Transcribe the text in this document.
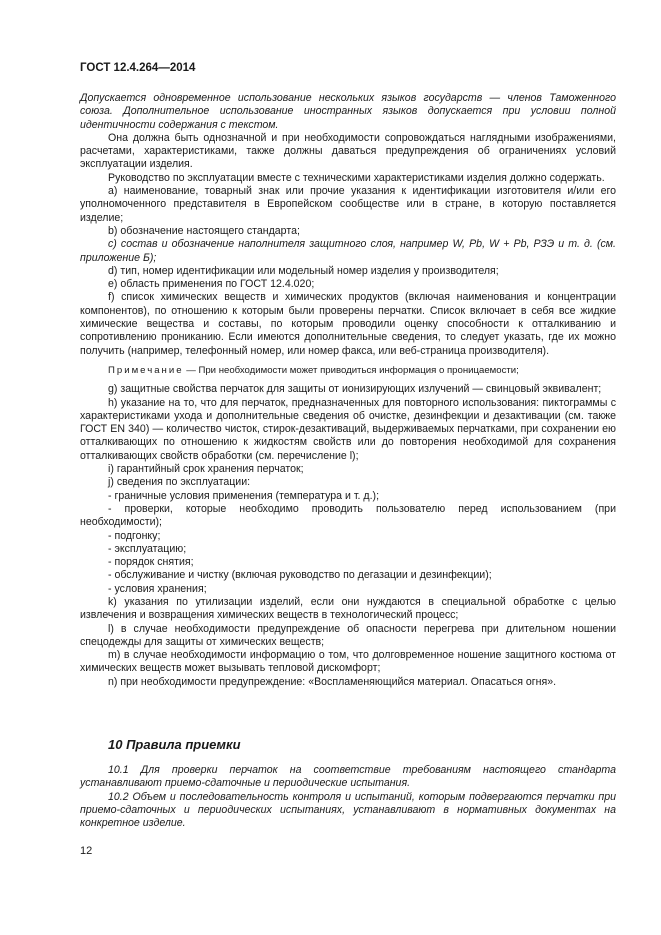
ГОСТ 12.4.264—2014

Допускается одновременное использование нескольких языков государств — членов Таможенного союза. Дополнительное использование иностранных языков допускается при условии полной идентичности содержания с текстом.

Она должна быть однозначной и при необходимости сопровождаться наглядными изображениями, расчетами, характеристиками, также должны даваться предупреждения об ограничениях условий эксплуатации изделия.

Руководство по эксплуатации вместе с техническими характеристиками изделия должно содержать.

a) наименование, товарный знак или прочие указания к идентификации изготовителя и/или его уполномоченного представителя в Европейском сообществе или в стране, в которую поставляется изделие;

b) обозначение настоящего стандарта;

c) состав и обозначение наполнителя защитного слоя, например W, Pb, W + Pb, РЗЭ и т. д. (см. приложение Б);

d) тип, номер идентификации или модельный номер изделия у производителя;

e) область применения по ГОСТ 12.4.020;

f) список химических веществ и химических продуктов (включая наименования и концентрации компонентов), по отношению к которым были проверены перчатки. Список включает в себя все жидкие химические вещества и составы, по которым проводили оценку способности к отталкиванию и сопротивлению прониканию. Если имеются дополнительные сведения, то следует указать, где их можно получить (например, телефонный номер, или номер факса, или веб-страница производителя).

Примечание — При необходимости может приводиться информация о проницаемости;

g) защитные свойства перчаток для защиты от ионизирующих излучений — свинцовый эквивалент;

h) указание на то, что для перчаток, предназначенных для повторного использования: пиктограммы с характеристиками ухода и дополнительные сведения об очистке, дезинфекции и дезактивации (см. также ГОСТ EN 340) — количество чисток, стирок-дезактиваций, выдерживаемых перчатками, при сохранении ею отталкивающих по отношению к жидкостям свойств или до повторения необходимой для сохранения отталкивающих свойств обработки (см. перечисление l);

i) гарантийный срок хранения перчаток;

j) сведения по эксплуатации:

- граничные условия применения (температура и т. д.);

- проверки, которые необходимо проводить пользователю перед использованием (при необходимости);

- подгонку;

- эксплуатацию;

- порядок снятия;

- обслуживание и чистку (включая руководство по дегазации и дезинфекции);

- условия хранения;

k) указания по утилизации изделий, если они нуждаются в специальной обработке с целью извлечения и возвращения химических веществ в технологический процесс;

l) в случае необходимости предупреждение об опасности перегрева при длительном ношении спецодежды для защиты от химических веществ;

m) в случае необходимости информацию о том, что долговременное ношение защитного костюма от химических веществ может вызывать тепловой дискомфорт;

n) при необходимости предупреждение: «Воспламеняющийся материал. Опасаться огня».

10 Правила приемки

10.1 Для проверки перчаток на соответствие требованиям настоящего стандарта устанавливают приемо-сдаточные и периодические испытания.

10.2 Объем и последовательность контроля и испытаний, которым подвергаются перчатки при приемо-сдаточных и периодических испытаниях, устанавливают в нормативных документах на конкретное изделие.

12
